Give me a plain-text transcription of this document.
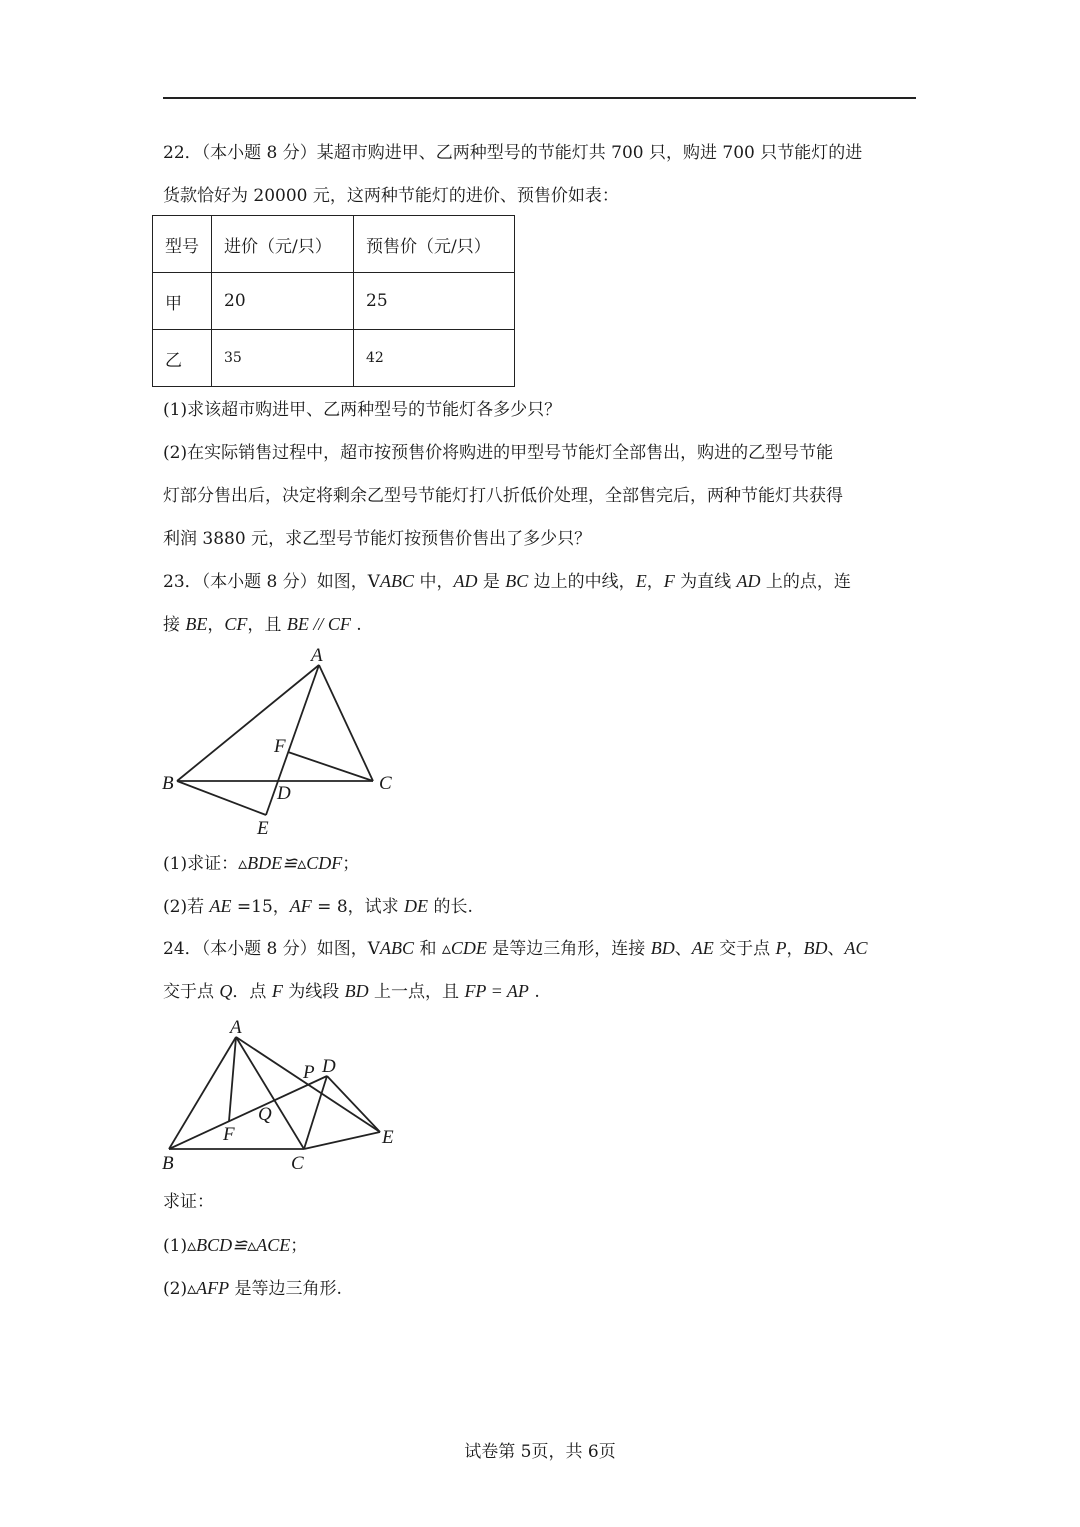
22．（本小题 8 分）某超市购进甲、乙两种型号的节能灯共 700 只，购进 700 只节能灯的进
货款恰好为 20000 元，这两种节能灯的进价、预售价如表：
型号	进价（元/只）	预售价（元/只）
甲	20	25
乙	35	42
(1)求该超市购进甲、乙两种型号的节能灯各多少只？
(2)在实际销售过程中，超市按预售价将购进的甲型号节能灯全部售出，购进的乙型号节能
灯部分售出后，决定将剩余乙型号节能灯打八折低价处理，全部售完后，两种节能灯共获得
利润 3880 元，求乙型号节能灯按预售价售出了多少只？
23．（本小题 8 分）如图，VABC 中，AD 是 BC 边上的中线，E，F 为直线 AD 上的点，连
接 BE，CF，且 BE // CF .
A
F
B	D	C
E
A
P D
Q
F	E
B	C
(1)求证：▵BDE≌▵CDF；
(2)若 AE =15，AF = 8，试求 DE 的长.
24．（本小题 8 分）如图，VABC 和 ▵CDE 是等边三角形，连接 BD、AE 交于点 P，BD、AC
交于点 Q．点 F 为线段 BD 上一点，且 FP = AP .
求证：
(1)▵BCD≌▵ACE；
(2)▵AFP 是等边三角形.
试卷第 5页，共 6页
